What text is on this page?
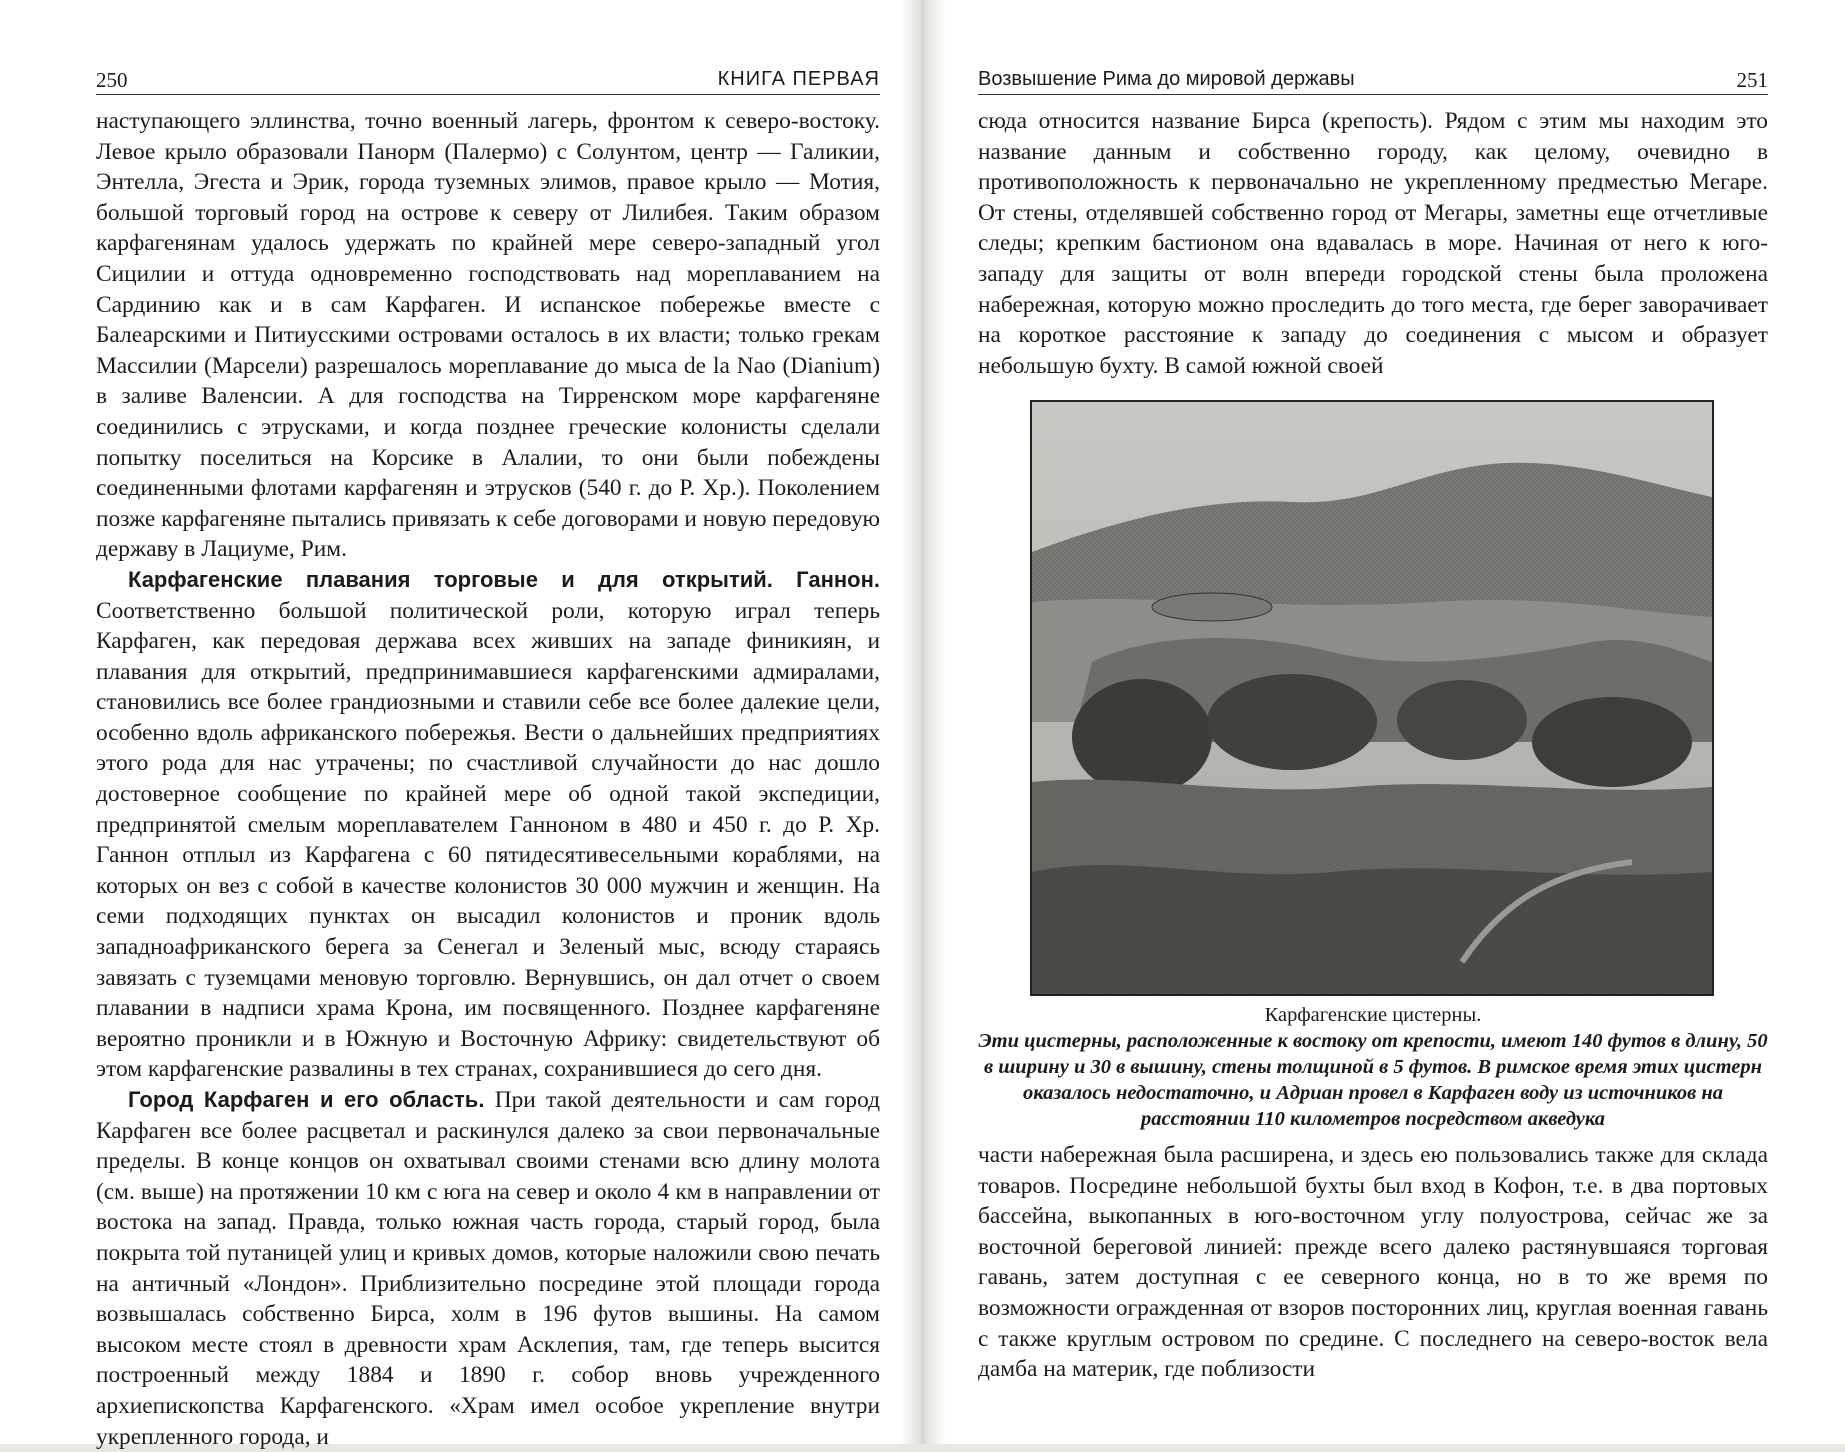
250	КНИГА ПЕРВАЯ

наступающего эллинства, точно военный лагерь, фронтом к северо-востоку. Левое крыло образовали Панорм (Палермо) с Солунтом, центр — Галикии, Энтелла, Эгеста и Эрик, города туземных элимов, правое крыло — Мотия, большой торговый город на острове к северу от Лилибея. Таким образом карфагенянам удалось удержать по крайней мере северо-западный угол Сицилии и оттуда одновременно господствовать над мореплаванием на Сардинию как и в сам Карфаген. И испанское побережье вместе с Балеарскими и Питиусскими островами осталось в их власти; только грекам Массилии (Марсели) разрешалось мореплавание до мыса de la Nao (Dianium) в заливе Валенсии. А для господства на Тирренском море карфагеняне соединились с этрусками, и когда позднее греческие колонисты сделали попытку поселиться на Корсике в Алалии, то они были побеждены соединенными флотами карфагенян и этрусков (540 г. до Р. Хр.). Поколением позже карфагеняне пытались привязать к себе договорами и новую передовую державу в Лациуме, Рим.

Карфагенские плавания торговые и для открытий. Ганнон. Соответственно большой политической роли, которую играл теперь Карфаген, как передовая держава всех живших на западе финикиян, и плавания для открытий, предпринимавшиеся карфагенскими адмиралами, становились все более грандиозными и ставили себе все более далекие цели, особенно вдоль африканского побережья. Вести о дальнейших предприятиях этого рода для нас утрачены; по счастливой случайности до нас дошло достоверное сообщение по крайней мере об одной такой экспедиции, предпринятой смелым мореплавателем Ганноном в 480 и 450 г. до Р. Хр. Ганнон отплыл из Карфагена с 60 пятидесятивесельными кораблями, на которых он вез с собой в качестве колонистов 30 000 мужчин и женщин. На семи подходящих пунктах он высадил колонистов и проник вдоль западноафриканского берега за Сенегал и Зеленый мыс, всюду стараясь завязать с туземцами меновую торговлю. Вернувшись, он дал отчет о своем плавании в надписи храма Крона, им посвященного. Позднее карфагеняне вероятно проникли и в Южную и Восточную Африку: свидетельствуют об этом карфагенские развалины в тех странах, сохранившиеся до сего дня.

Город Карфаген и его область. При такой деятельности и сам город Карфаген все более расцветал и раскинулся далеко за свои первоначальные пределы. В конце концов он охватывал своими стенами всю длину молота (см. выше) на протяжении 10 км с юга на север и около 4 км в направлении от востока на запад. Правда, только южная часть города, старый город, была покрыта той путаницей улиц и кривых домов, которые наложили свою печать на античный «Лондон». Приблизительно посредине этой площади города возвышалась собственно Бирса, холм в 196 футов вышины. На самом высоком месте стоял в древности храм Асклепия, там, где теперь высится построенный между 1884 и 1890 г. собор вновь учрежденного архиепископства Карфагенского. «Храм имел особое укрепление внутри укрепленного города, и

Возвышение Рима до мировой державы	251

сюда относится название Бирса (крепость). Рядом с этим мы находим это название данным и собственно городу, как целому, очевидно в противоположность к первоначально не укрепленному предместью Мегаре. От стены, отделявшей собственно город от Мегары, заметны еще отчетливые следы; крепким бастионом она вдавалась в море. Начиная от него к юго-западу для защиты от волн впереди городской стены была проложена набережная, которую можно проследить до того места, где берег заворачивает на короткое расстояние к западу до соединения с мысом и образует небольшую бухту. В самой южной своей

Карфагенские цистерны.
Эти цистерны, расположенные к востоку от крепости, имеют 140 футов в длину, 50 в ширину и 30 в вышину, стены толщиной в 5 футов. В римское время этих цистерн оказалось недостаточно, и Адриан провел в Карфаген воду из источников на расстоянии 110 километров посредством акведука

части набережная была расширена, и здесь ею пользовались также для склада товаров. Посредине небольшой бухты был вход в Кофон, т.е. в два портовых бассейна, выкопанных в юго-восточном углу полуострова, сейчас же за восточной береговой линией: прежде всего далеко растянувшаяся торговая гавань, затем доступная с ее северного конца, но в то же время по возможности огражденная от взоров посторонних лиц, круглая военная гавань с также круглым островом по средине. С последнего на северо-восток вела дамба на материк, где поблизости
